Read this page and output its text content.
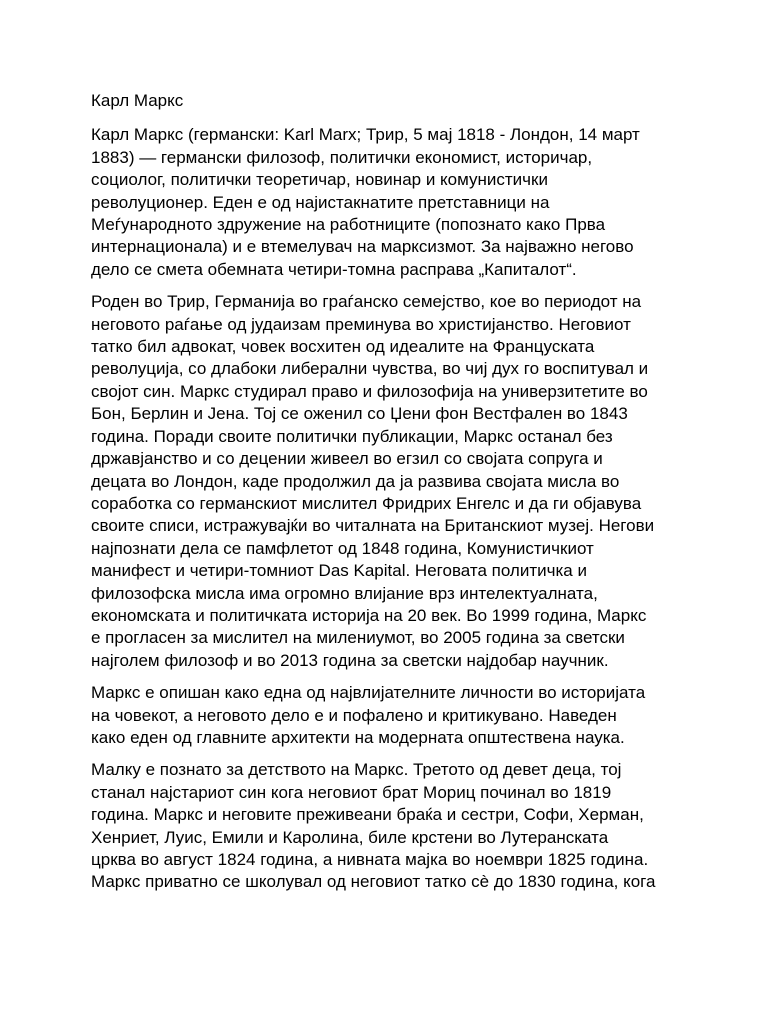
Карл Маркс

Карл Маркс (германски: Karl Marx; Трир, 5 мај 1818 - Лондон, 14 март
1883) — германски филозоф, политички економист, историчар,
социолог, политички теоретичар, новинар и комунистички
револуционер. Еден е од најистакнатите претставници на
Меѓународното здружение на работниците (попознато како Прва
интернационала) и е втемелувач на марксизмот. За најважно негово
дело се смета обемната четири-томна расправа „Капиталот“.

Роден во Трир, Германија во граѓанско семејство, кое во периодот на
неговото раѓање од јудаизам преминува во христијанство. Неговиот
татко бил адвокат, човек восхитен од идеалите на Француската
револуција, со длабоки либерални чувства, во чиј дух го воспитувал и
својот син. Маркс студирал право и филозофија на универзитетите во
Бон, Берлин и Јена. Тој се оженил со Џени фон Вестфален во 1843
година. Поради своите политички публикации, Маркс останал без
државјанство и со децении живеел во егзил со својата сопруга и
децата во Лондон, каде продолжил да ја развива својата мисла во
соработка со германскиот мислител Фридрих Енгелс и да ги објавува
своите списи, истражувајќи во читалната на Британскиот музеј. Негови
најпознати дела се памфлетот од 1848 година, Комунистичкиот
манифест и четири-томниот Das Kapital. Неговата политичка и
филозофска мисла има огромно влијание врз интелектуалната,
економската и политичката историја на 20 век. Во 1999 година, Маркс
е прогласен за мислител на милениумот, во 2005 година за светски
најголем филозоф и во 2013 година за светски најдобар научник.

Маркс е опишан како една од највлијателните личности во историјата
на човекот, а неговото дело е и пофалено и критикувано. Наведен
како еден од главните архитекти на модерната општествена наука.

Малку е познато за детството на Маркс. Третото од девет деца, тој
станал најстариот син кога неговиот брат Мориц починал во 1819
година. Маркс и неговите преживеани браќа и сестри, Софи, Херман,
Хенриет, Луис, Емили и Каролина, биле крстени во Лутеранската
црква во август 1824 година, а нивната мајка во ноември 1825 година.
Маркс приватно се школувал од неговиот татко сè до 1830 година, кога
